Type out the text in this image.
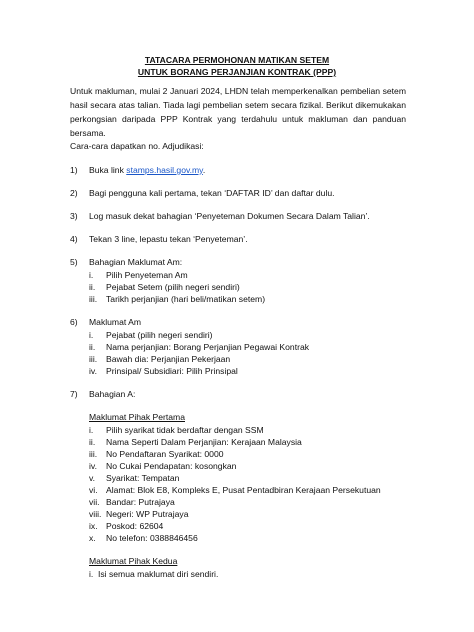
TATACARA PERMOHONAN MATIKAN SETEM
UNTUK BORANG PERJANJIAN KONTRAK (PPP)
Untuk makluman, mulai 2 Januari 2024, LHDN telah memperkenalkan pembelian setem hasil secara atas talian. Tiada lagi pembelian setem secara fizikal. Berikut dikemukakan perkongsian daripada PPP Kontrak yang terdahulu untuk makluman dan panduan bersama.
Cara-cara dapatkan no. Adjudikasi:
1) Buka link stamps.hasil.gov.my.
2) Bagi pengguna kali pertama, tekan ‘DAFTAR ID’ dan daftar dulu.
3) Log masuk dekat bahagian ‘Penyeteman Dokumen Secara Dalam Talian’.
4) Tekan 3 line, lepastu tekan ‘Penyeteman’.
5) Bahagian Maklumat Am:
i. Pilih Penyeteman Am
ii. Pejabat Setem (pilih negeri sendiri)
iii. Tarikh perjanjian (hari beli/matikan setem)
6) Maklumat Am
i. Pejabat (pilih negeri sendiri)
ii. Nama perjanjian: Borang Perjanjian Pegawai Kontrak
iii. Bawah dia: Perjanjian Pekerjaan
iv. Prinsipal/ Subsidiari: Pilih Prinsipal
7) Bahagian A:
Maklumat Pihak Pertama
i. Pilih syarikat tidak berdaftar dengan SSM
ii. Nama Seperti Dalam Perjanjian: Kerajaan Malaysia
iii. No Pendaftaran Syarikat: 0000
iv. No Cukai Pendapatan: kosongkan
v. Syarikat: Tempatan
vi. Alamat: Blok E8, Kompleks E, Pusat Pentadbiran Kerajaan Persekutuan
vii. Bandar: Putrajaya
viii. Negeri: WP Putrajaya
ix. Poskod: 62604
x. No telefon: 0388846456
Maklumat Pihak Kedua
i. Isi semua maklumat diri sendiri.
